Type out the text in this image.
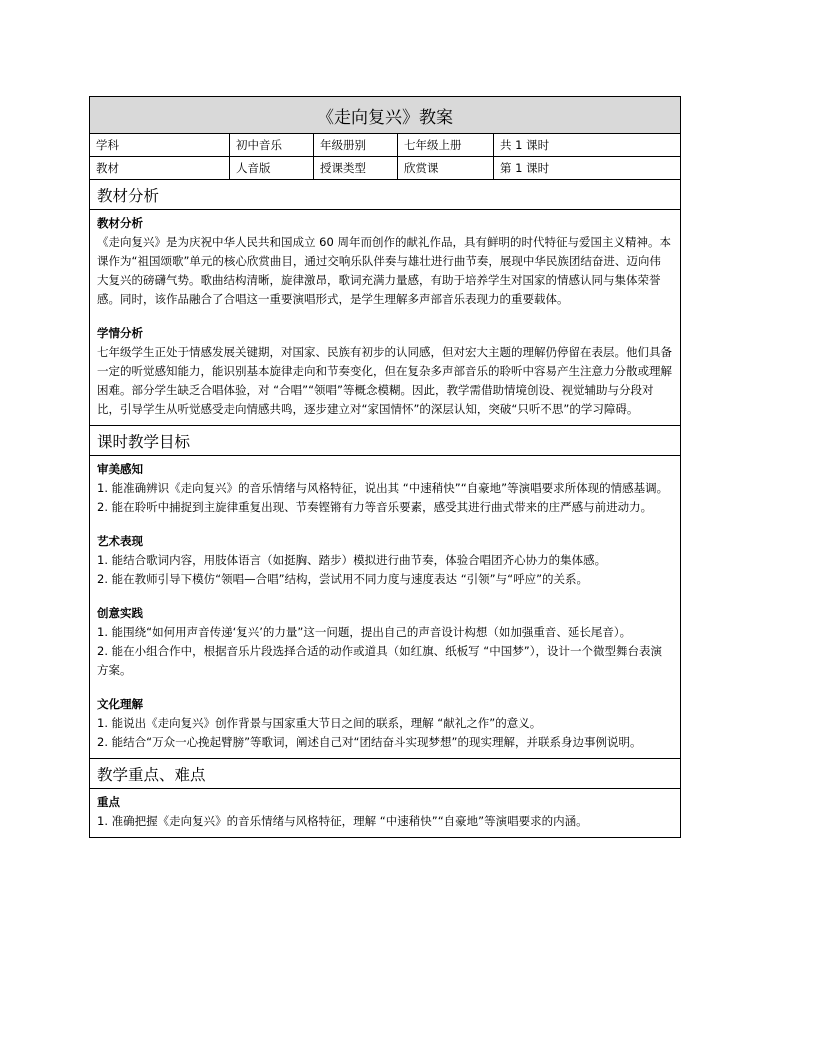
《走向复兴》教案
学科	初中音乐	年级册别	七年级上册	共 1 课时
教材	人音版	授课类型	欣赏课	第 1 课时
教材分析
教材分析

《走向复兴》是为庆祝中华人民共和国成立 60 周年而创作的献礼作品，具有鲜明的时代特征与爱国主义精神。本课作为“祖国颂歌”单元的核心欣赏曲目，通过交响乐队伴奏与雄壮进行曲节奏，展现中华民族团结奋进、迈向伟大复兴的磅礴气势。歌曲结构清晰，旋律激昂，歌词充满力量感，有助于培养学生对国家的情感认同与集体荣誉感。同时，该作品融合了合唱这一重要演唱形式，是学生理解多声部音乐表现力的重要载体。

学情分析

七年级学生正处于情感发展关键期，对国家、民族有初步的认同感，但对宏大主题的理解仍停留在表层。他们具备一定的听觉感知能力，能识别基本旋律走向和节奏变化，但在复杂多声部音乐的聆听中容易产生注意力分散或理解困难。部分学生缺乏合唱体验，对 “合唱”“领唱”等概念模糊。因此，教学需借助情境创设、视觉辅助与分段对比，引导学生从听觉感受走向情感共鸣，逐步建立对“家国情怀”的深层认知，突破“只听不思”的学习障碍。

课时教学目标
审美感知

1. 能准确辨识《走向复兴》的音乐情绪与风格特征，说出其 “中速稍快”“自豪地”等演唱要求所体现的情感基调。

2. 能在聆听中捕捉到主旋律重复出现、节奏铿锵有力等音乐要素，感受其进行曲式带来的庄严感与前进动力。

艺术表现

1. 能结合歌词内容，用肢体语言（如挺胸、踏步）模拟进行曲节奏，体验合唱团齐心协力的集体感。

2. 能在教师引导下模仿“领唱—合唱”结构，尝试用不同力度与速度表达 “引领”与“呼应”的关系。

创意实践

1. 能围绕“如何用声音传递‘复兴’的力量”这一问题，提出自己的声音设计构想（如加强重音、延长尾音）。

2. 能在小组合作中，根据音乐片段选择合适的动作或道具（如红旗、纸板写 “中国梦”），设计一个微型舞台表演方案。

文化理解

1. 能说出《走向复兴》创作背景与国家重大节日之间的联系，理解 “献礼之作”的意义。

2. 能结合“万众一心挽起臂膀”等歌词，阐述自己对“团结奋斗实现梦想”的现实理解，并联系身边事例说明。

教学重点、难点
重点

1. 准确把握《走向复兴》的音乐情绪与风格特征，理解 “中速稍快”“自豪地”等演唱要求的内涵。
